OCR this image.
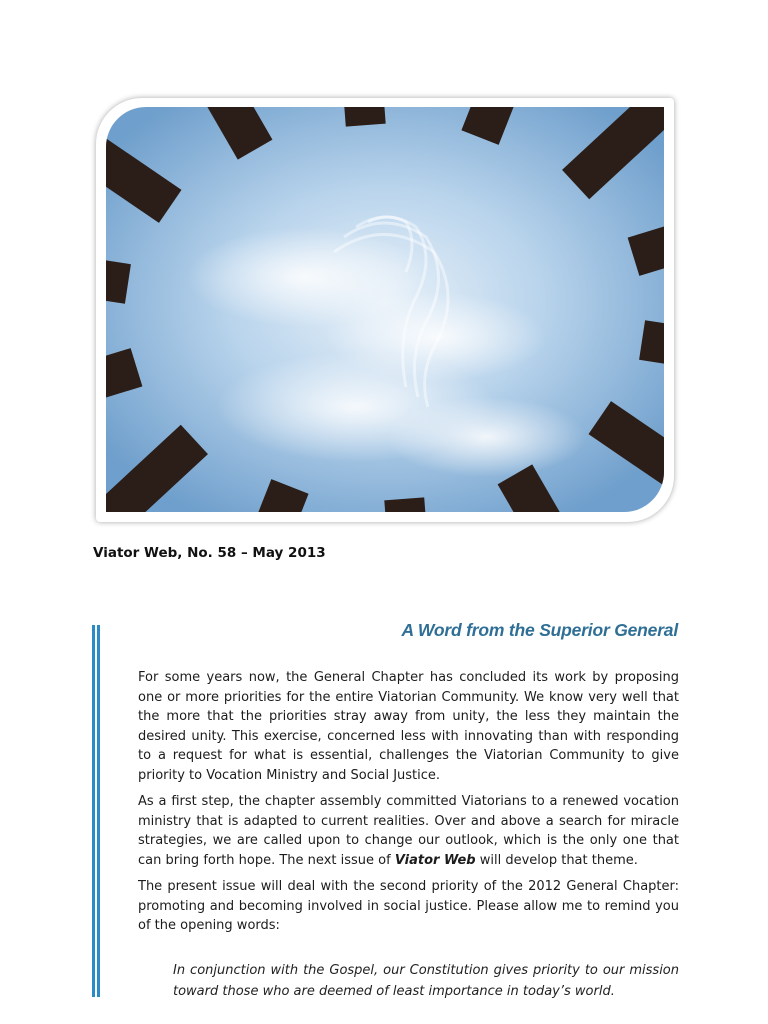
Viator Web, No. 58 – May 2013

A Word from the Superior General

For some years now, the General Chapter has concluded its work by proposing one or more priorities for the entire Viatorian Community. We know very well that the more that the priorities stray away from unity, the less they maintain the desired unity. This exercise, concerned less with innovating than with responding to a request for what is essential, challenges the Viatorian Community to give priority to Vocation Ministry and Social Justice.

As a first step, the chapter assembly committed Viatorians to a renewed vocation ministry that is adapted to current realities. Over and above a search for miracle strategies, we are called upon to change our outlook, which is the only one that can bring forth hope. The next issue of Viator Web will develop that theme.

The present issue will deal with the second priority of the 2012 General Chapter: promoting and becoming involved in social justice. Please allow me to remind you of the opening words:

In conjunction with the Gospel, our Constitution gives priority to our mission toward those who are deemed of least importance in today’s world.
